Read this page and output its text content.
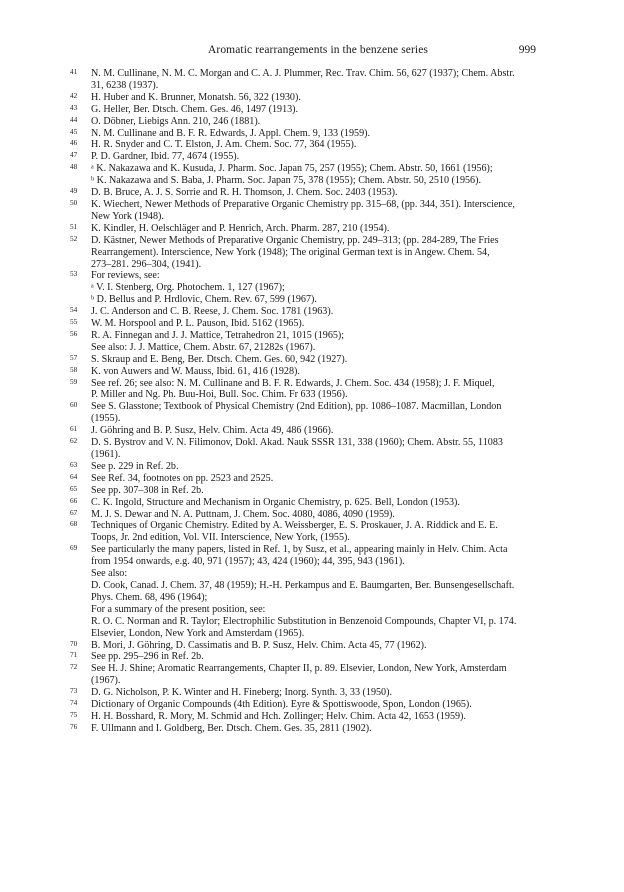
Aromatic rearrangements in the benzene series	999
41 N. M. Cullinane, N. M. C. Morgan and C. A. J. Plummer, Rec. Trav. Chim. 56, 627 (1937); Chem. Abstr.
31, 6238 (1937).
42 H. Huber and K. Brunner, Monatsh. 56, 322 (1930).
43 G. Heller, Ber. Dtsch. Chem. Ges. 46, 1497 (1913).
44 O. Döbner, Liebigs Ann. 210, 246 (1881).
45 N. M. Cullinane and B. F. R. Edwards, J. Appl. Chem. 9, 133 (1959).
46 H. R. Snyder and C. T. Elston, J. Am. Chem. Soc. 77, 364 (1955).
47 P. D. Gardner, Ibid. 77, 4674 (1955).
48 ᵃ K. Nakazawa and K. Kusuda, J. Pharm. Soc. Japan 75, 257 (1955); Chem. Abstr. 50, 1661 (1956);
ᵇ K. Nakazawa and S. Baba, J. Pharm. Soc. Japan 75, 378 (1955); Chem. Abstr. 50, 2510 (1956).
49 D. B. Bruce, A. J. S. Sorrie and R. H. Thomson, J. Chem. Soc. 2403 (1953).
50 K. Wiechert, Newer Methods of Preparative Organic Chemistry pp. 315–68, (pp. 344, 351). Interscience,
New York (1948).
51 K. Kindler, H. Oelschläger and P. Henrich, Arch. Pharm. 287, 210 (1954).
52 D. Kästner, Newer Methods of Preparative Organic Chemistry, pp. 249–313; (pp. 284-289, The Fries
Rearrangement). Interscience, New York (1948); The original German text is in Angew. Chem. 54,
273–281. 296–304, (1941).
53 For reviews, see:
ᵃ V. I. Stenberg, Org. Photochem. 1, 127 (1967);
ᵇ D. Bellus and P. Hrdlovic, Chem. Rev. 67, 599 (1967).
54 J. C. Anderson and C. B. Reese, J. Chem. Soc. 1781 (1963).
55 W. M. Horspool and P. L. Pauson, Ibid. 5162 (1965).
56 R. A. Finnegan and J. J. Mattice, Tetrahedron 21, 1015 (1965);
See also: J. J. Mattice, Chem. Abstr. 67, 21282s (1967).
57 S. Skraup and E. Beng, Ber. Dtsch. Chem. Ges. 60, 942 (1927).
58 K. von Auwers and W. Mauss, Ibid. 61, 416 (1928).
59 See ref. 26; see also: N. M. Cullinane and B. F. R. Edwards, J. Chem. Soc. 434 (1958); J. F. Miquel,
P. Miller and Ng. Ph. Buu-Hoi, Bull. Soc. Chim. Fr 633 (1956).
60 See S. Glasstone; Textbook of Physical Chemistry (2nd Edition), pp. 1086–1087. Macmillan, London
(1955).
61 J. Göhring and B. P. Susz, Helv. Chim. Acta 49, 486 (1966).
62 D. S. Bystrov and V. N. Filimonov, Dokl. Akad. Nauk SSSR 131, 338 (1960); Chem. Abstr. 55, 11083
(1961).
63 See p. 229 in Ref. 2b.
64 See Ref. 34, footnotes on pp. 2523 and 2525.
65 See pp. 307–308 in Ref. 2b.
66 C. K. Ingold, Structure and Mechanism in Organic Chemistry, p. 625. Bell, London (1953).
67 M. J. S. Dewar and N. A. Puttnam, J. Chem. Soc. 4080, 4086, 4090 (1959).
68 Techniques of Organic Chemistry. Edited by A. Weissberger, E. S. Proskauer, J. A. Riddick and E. E.
Toops, Jr. 2nd edition, Vol. VII. Interscience, New York, (1955).
69 See particularly the many papers, listed in Ref. 1, by Susz, et al., appearing mainly in Helv. Chim. Acta
from 1954 onwards, e.g. 40, 971 (1957); 43, 424 (1960); 44, 395, 943 (1961).
See also:
D. Cook, Canad. J. Chem. 37, 48 (1959); H.-H. Perkampus and E. Baumgarten, Ber. Bunsengesellschaft.
Phys. Chem. 68, 496 (1964);
For a summary of the present position, see:
R. O. C. Norman and R. Taylor; Electrophilic Substitution in Benzenoid Compounds, Chapter VI, p. 174.
Elsevier, London, New York and Amsterdam (1965).
70 B. Mori, J. Göhring, D. Cassimatis and B. P. Susz, Helv. Chim. Acta 45, 77 (1962).
71 See pp. 295–296 in Ref. 2b.
72 See H. J. Shine; Aromatic Rearrangements, Chapter II, p. 89. Elsevier, London, New York, Amsterdam
(1967).
73 D. G. Nicholson, P. K. Winter and H. Fineberg; Inorg. Synth. 3, 33 (1950).
74 Dictionary of Organic Compounds (4th Edition). Eyre & Spottiswoode, Spon, London (1965).
75 H. H. Bosshard, R. Mory, M. Schmid and Hch. Zollinger; Helv. Chim. Acta 42, 1653 (1959).
76 F. Ullmann and I. Goldberg, Ber. Dtsch. Chem. Ges. 35, 2811 (1902).
